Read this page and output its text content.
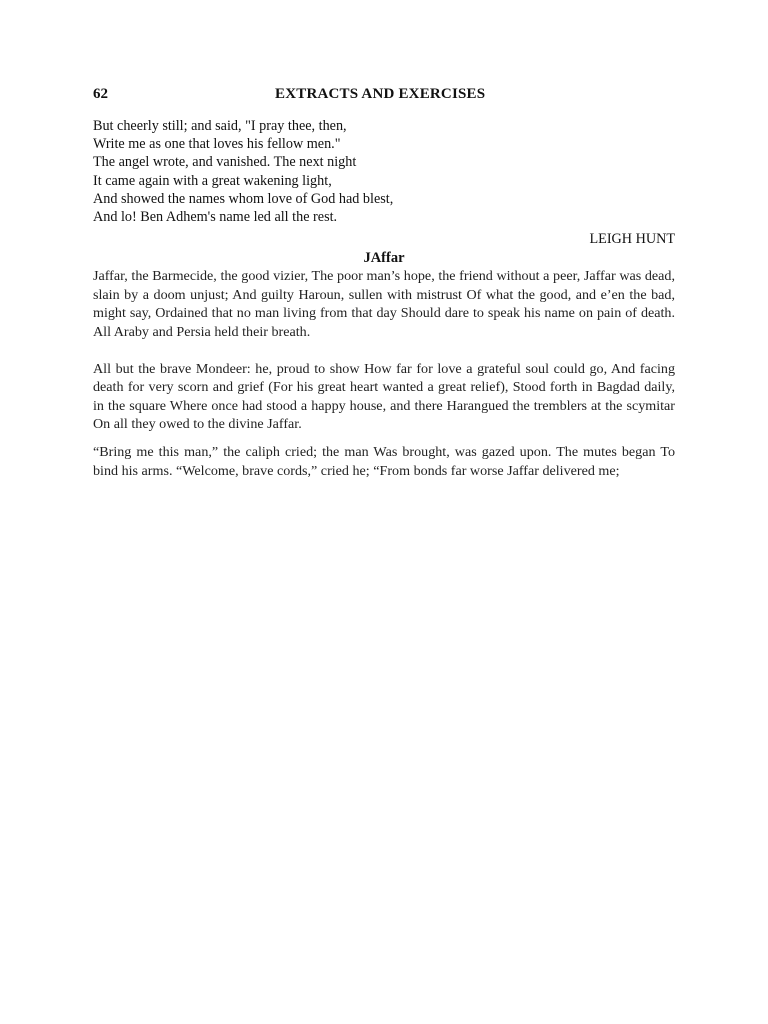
62	EXTRACTS AND EXERCISES
But cheerly still; and said, "I pray thee, then,
Write me as one that loves his fellow men."
The angel wrote, and vanished. The next night
It came again with a great wakening light,
And showed the names whom love of God had blest,
And lo! Ben Adhem's name led all the rest.
LEIGH HUNT
JAffar

Jaffar, the Barmecide, the good vizier, The poor man’s hope, the friend without a peer, Jaffar was dead, slain by a doom unjust; And guilty Haroun, sullen with mistrust Of what the good, and e’en the bad, might say, Ordained that no man living from that day Should dare to speak his name on pain of death. All Araby and Persia held their breath.

All but the brave Mondeer: he, proud to show How far for love a grateful soul could go, And facing death for very scorn and grief (For his great heart wanted a great relief), Stood forth in Bagdad daily, in the square Where once had stood a happy house, and there Harangued the tremblers at the scymitar On all they owed to the divine Jaffar.

“Bring me this man,” the caliph cried; the man Was brought, was gazed upon. The mutes began To bind his arms. “Welcome, brave cords,” cried he; “From bonds far worse Jaffar delivered me;
